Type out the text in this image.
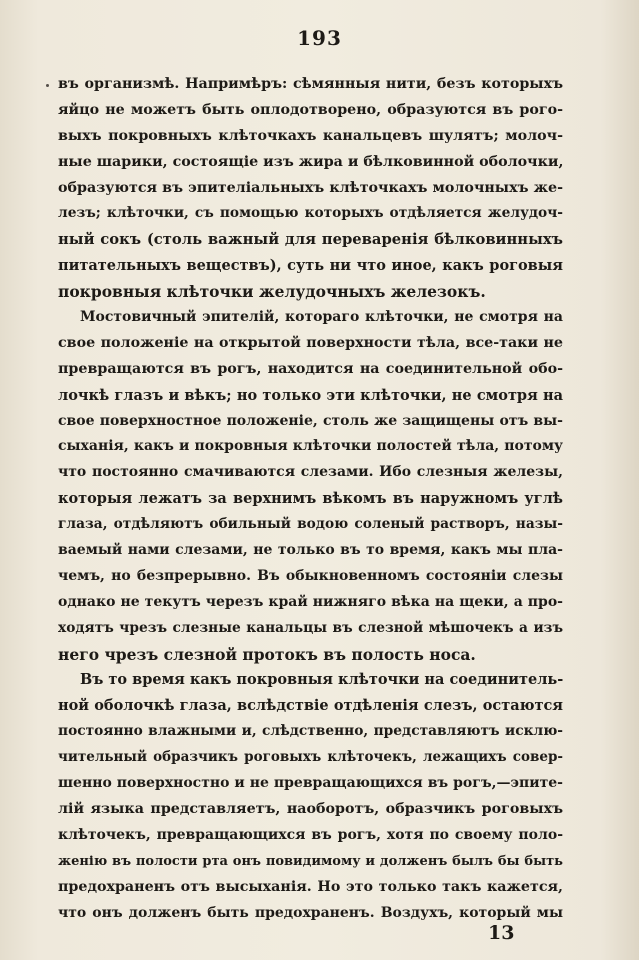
193
въ организмѣ. Напримѣръ: сѣмянныя нити, безъ которыхъ
яйцо не можетъ быть оплодотворено, образуются въ рого-
выхъ покровныхъ клѣточкахъ канальцевъ шулятъ; молоч-
ные шарики, состоящіе изъ жира и бѣлковинной оболочки,
образуются въ эпителіальныхъ клѣточкахъ молочныхъ же-
лезъ; клѣточки, съ помощью которыхъ отдѣляется желудоч-
ный сокъ (столь важный для переваренія бѣлковинныхъ
питательныхъ веществъ), суть ни что иное, какъ роговыя
покровныя клѣточки желудочныхъ железокъ.
Мостовичный эпителій, котораго клѣточки, не смотря на
свое положеніе на открытой поверхности тѣла, все-таки не
превращаются въ рогъ, находится на соединительной обо-
лочкѣ глазъ и вѣкъ; но только эти клѣточки, не смотря на
свое поверхностное положеніе, столь же защищены отъ вы-
сыханія, какъ и покровныя клѣточки полостей тѣла, потому
что постоянно смачиваются слезами. Ибо слезныя железы,
которыя лежатъ за верхнимъ вѣкомъ въ наружномъ углѣ
глаза, отдѣляютъ обильный водою соленый растворъ, назы-
ваемый нами слезами, не только въ то время, какъ мы пла-
чемъ, но безпрерывно. Въ обыкновенномъ состояніи слезы
однако не текутъ черезъ край нижняго вѣка на щеки, а про-
ходятъ чрезъ слезные канальцы въ слезной мѣшочекъ а изъ
него чрезъ слезной протокъ въ полость носа.
Въ то время какъ покровныя клѣточки на соединитель-
ной оболочкѣ глаза, вслѣдствіе отдѣленія слезъ, остаются
постоянно влажными и, слѣдственно, представляютъ исклю-
чительный образчикъ роговыхъ клѣточекъ, лежащихъ совер-
шенно поверхностно и не превращающихся въ рогъ,—эпите-
лій языка представляетъ, наоборотъ, образчикъ роговыхъ
клѣточекъ, превращающихся въ рогъ, хотя по своему поло-
женію въ полости рта онъ повидимому и долженъ былъ бы быть
предохраненъ отъ высыханія. Но это только такъ кажется,
что онъ долженъ быть предохраненъ. Воздухъ, который мы
13
